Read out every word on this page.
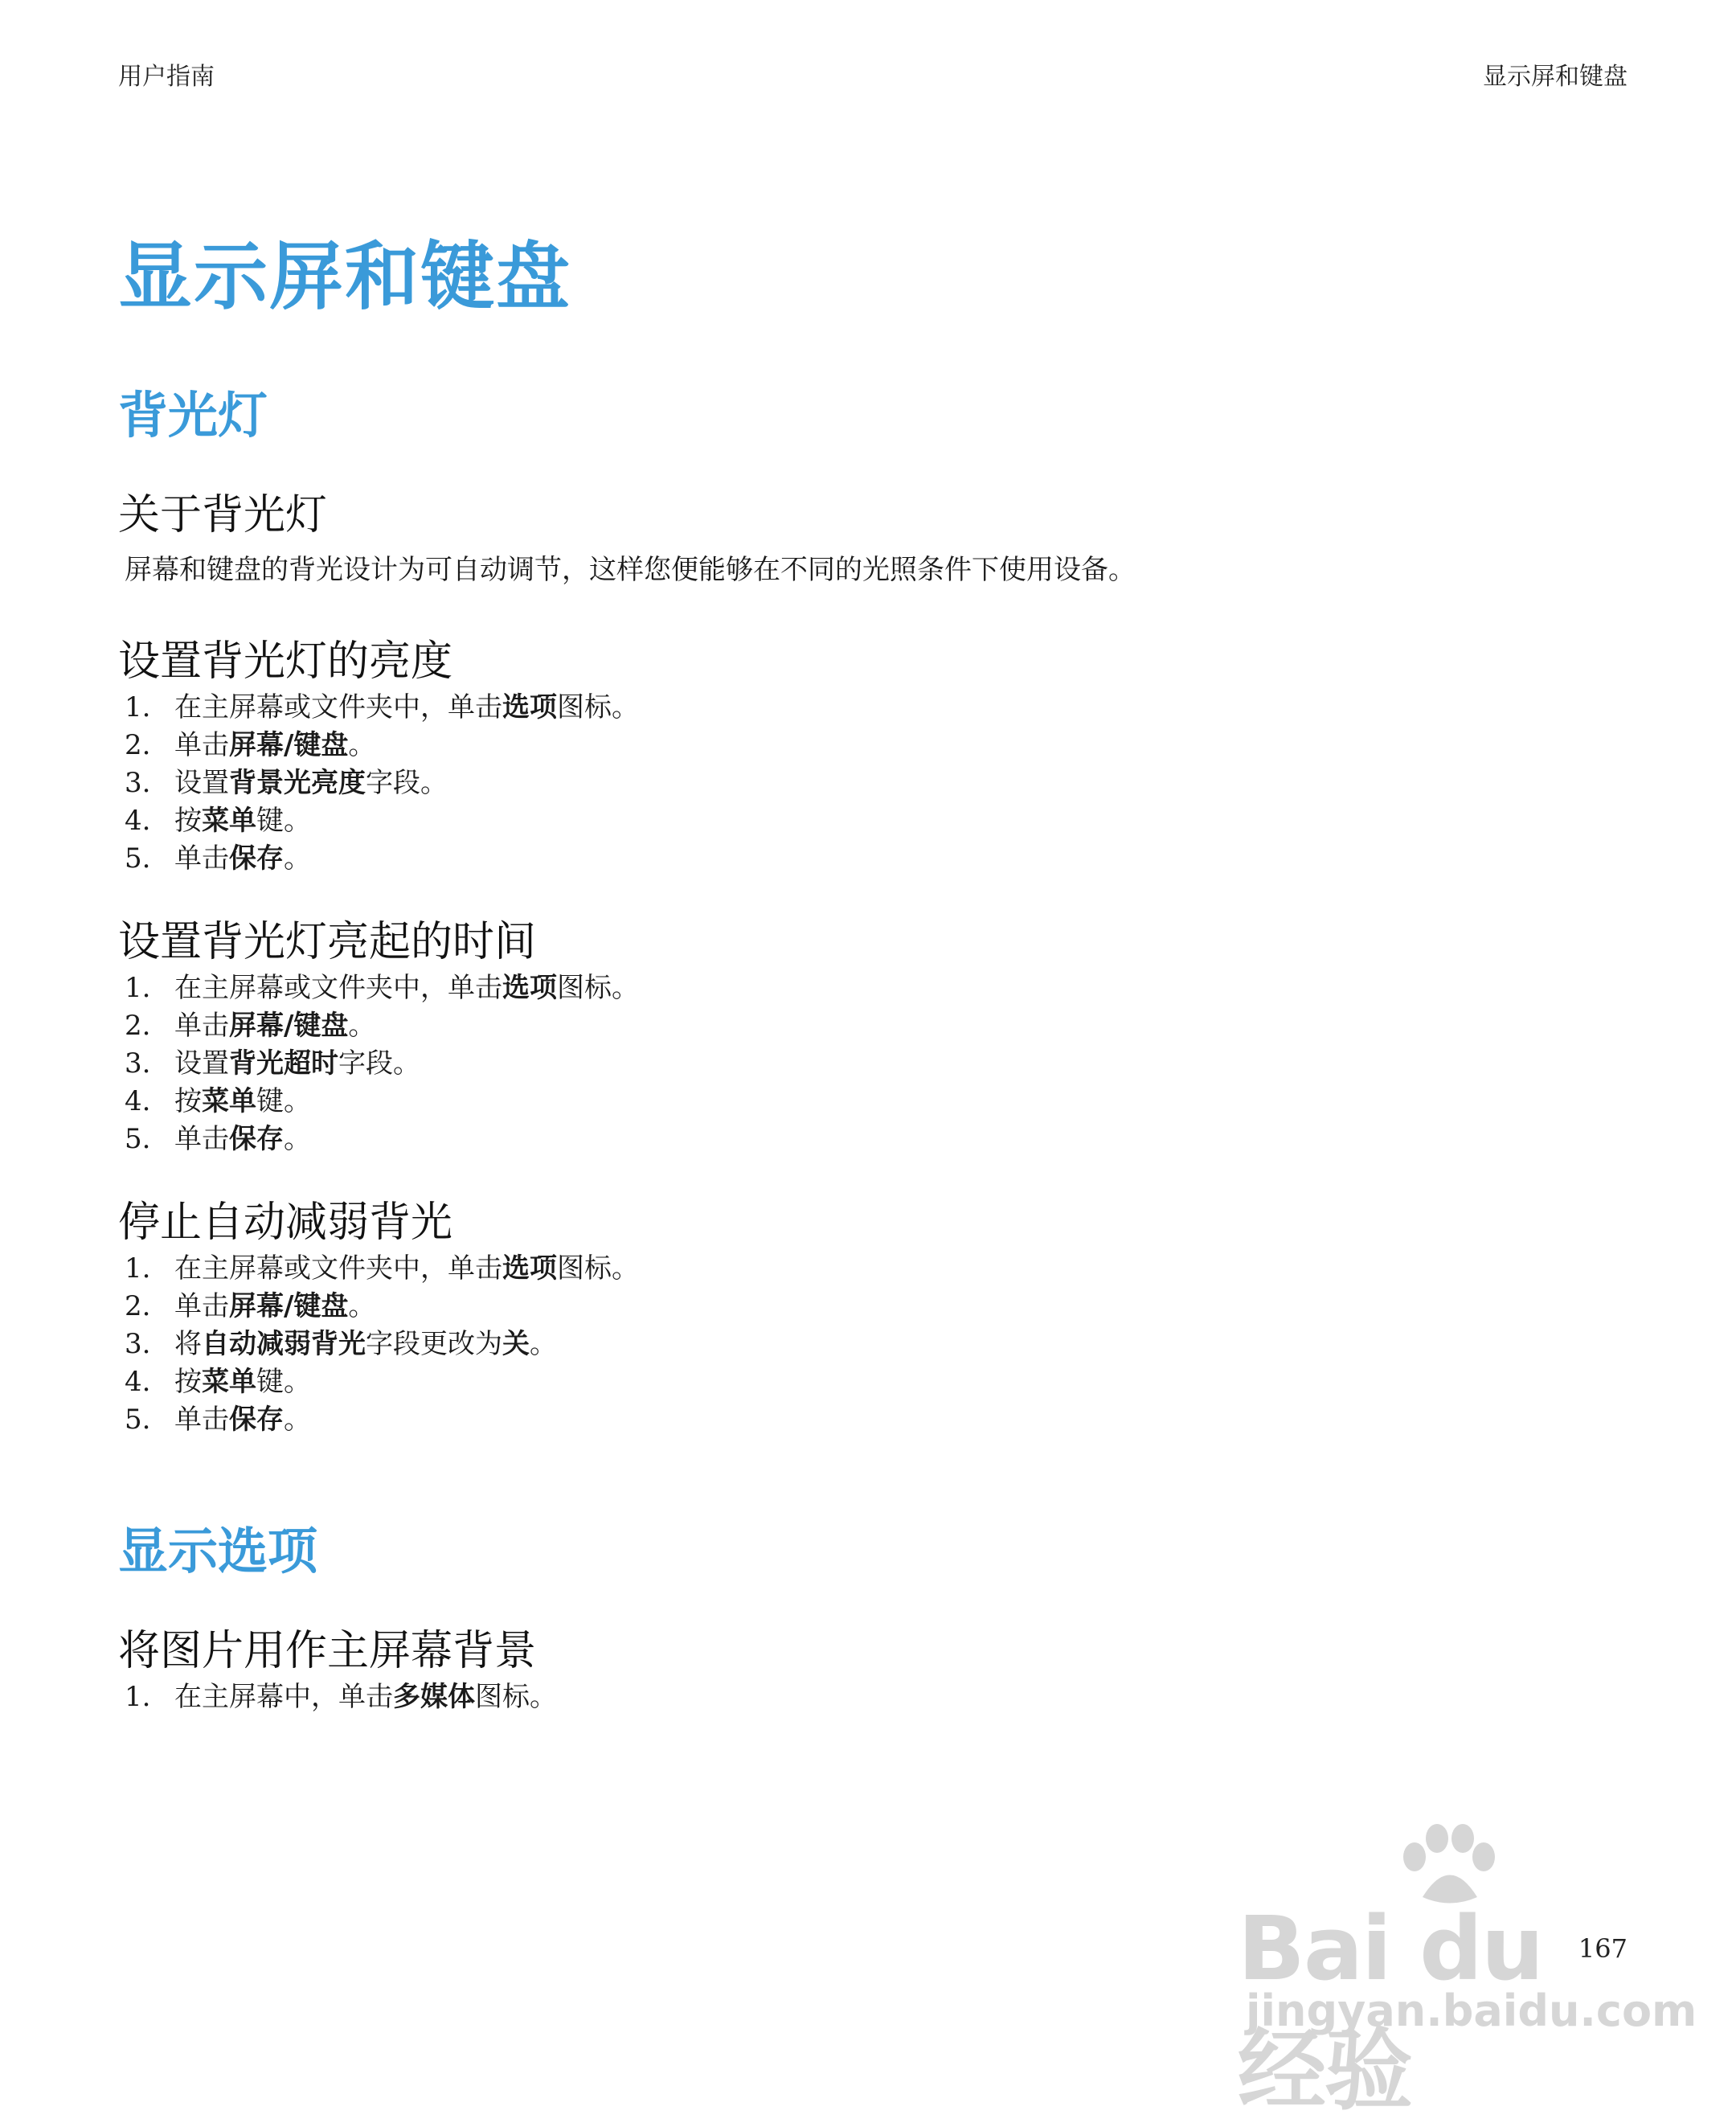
用户指南	显示屏和键盘
显示屏和键盘
背光灯
关于背光灯

屏幕和键盘的背光设计为可自动调节，这样您便能够在不同的光照条件下使用设备。

设置背光灯的亮度
1. 在主屏幕或文件夹中，单击选项图标。
2. 单击屏幕/键盘。
3. 设置背景光亮度字段。
4. 按菜单键。
5. 单击保存。
设置背光灯亮起的时间
1. 在主屏幕或文件夹中，单击选项图标。
2. 单击屏幕/键盘。
3. 设置背光超时字段。
4. 按菜单键。
5. 单击保存。
停止自动减弱背光
1. 在主屏幕或文件夹中，单击选项图标。
2. 单击屏幕/键盘。
3. 将自动减弱背光字段更改为关。
4. 按菜单键。
5. 单击保存。
显示选项
将图片用作主屏幕背景
1. 在主屏幕中，单击多媒体图标。
Bai du 经验
jingyan.baidu.com
167
